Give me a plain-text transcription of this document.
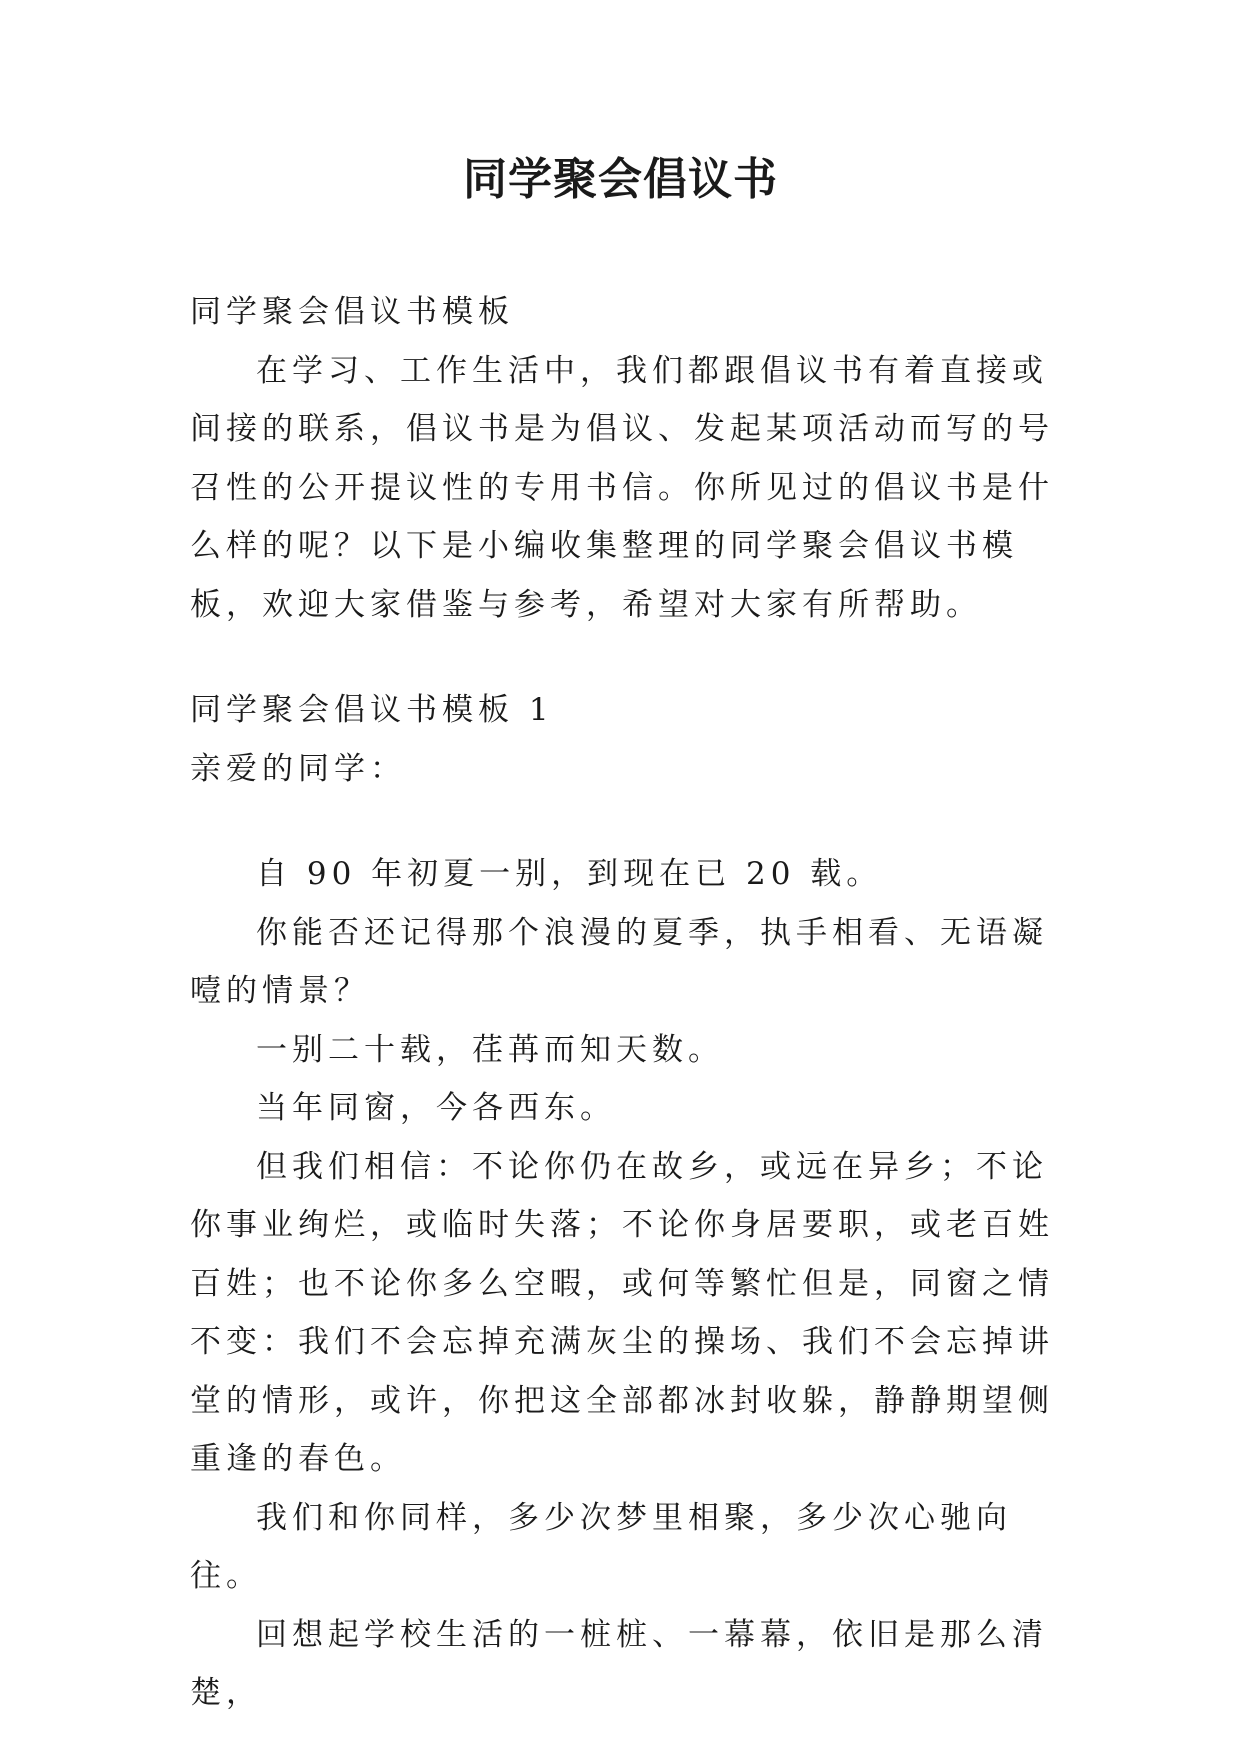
同学聚会倡议书

同学聚会倡议书模板

在学习、工作生活中，我们都跟倡议书有着直接或间接的联系，倡议书是为倡议、发起某项活动而写的号召性的公开提议性的专用书信。你所见过的倡议书是什么样的呢？以下是小编收集整理的同学聚会倡议书模板，欢迎大家借鉴与参考，希望对大家有所帮助。

同学聚会倡议书模板 1

亲爱的同学：

自 90 年初夏一别，到现在已 20 载。

你能否还记得那个浪漫的夏季，执手相看、无语凝噎的情景？

一别二十载，荏苒而知天数。

当年同窗，今各西东。

但我们相信：不论你仍在故乡，或远在异乡；不论你事业绚烂，或临时失落；不论你身居要职，或老百姓百姓；也不论你多么空暇，或何等繁忙但是，同窗之情不变：我们不会忘掉充满灰尘的操场、我们不会忘掉讲堂的情形，或许，你把这全部都冰封收躲，静静期望侧重逢的春色。

我们和你同样，多少次梦里相聚，多少次心驰向往。

回想起学校生活的一桩桩、一幕幕，依旧是那么清楚，
